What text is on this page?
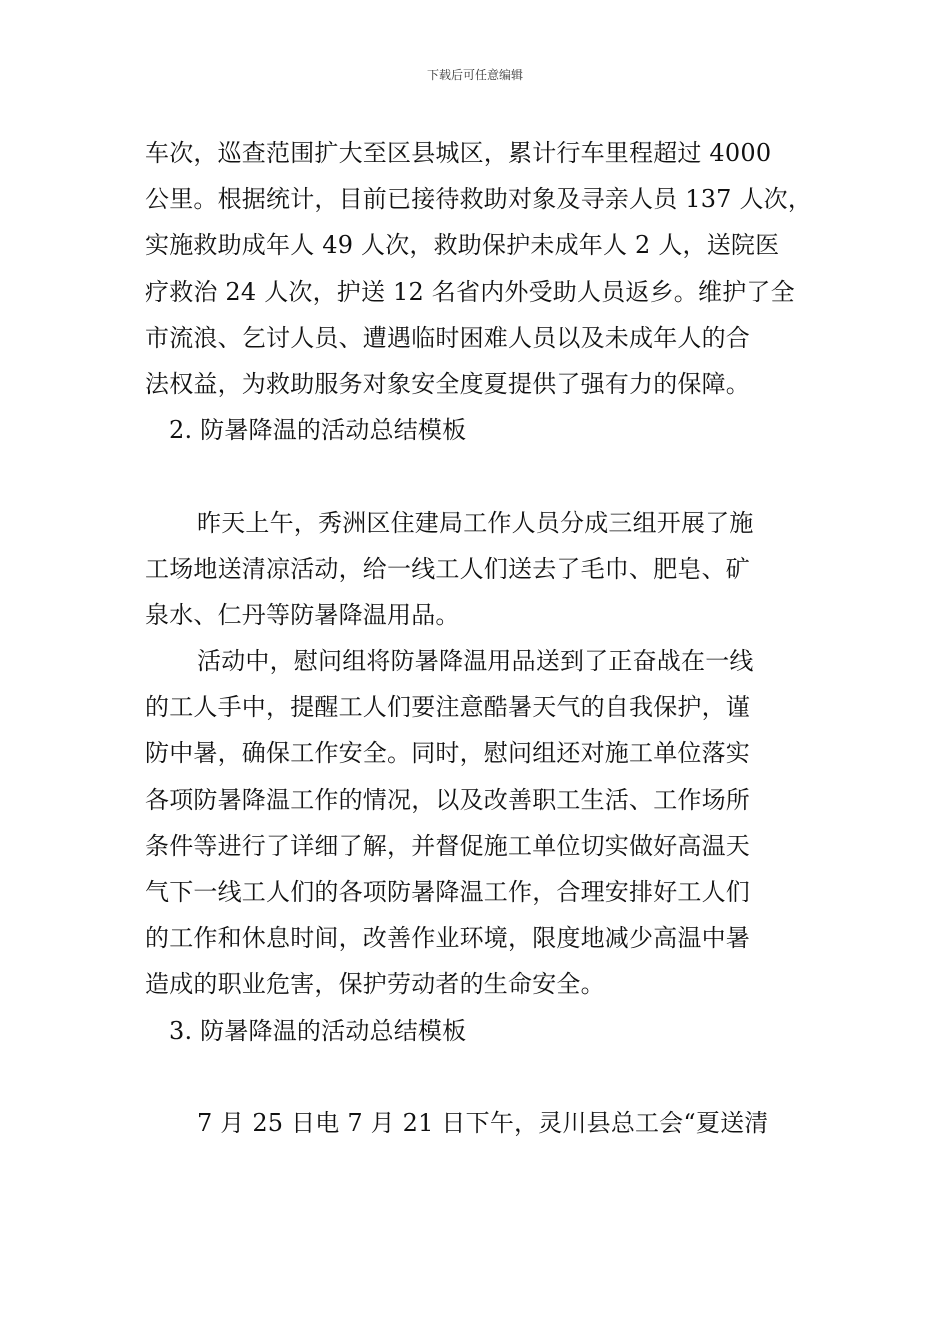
下载后可任意编辑
车次，巡查范围扩大至区县城区，累计行车里程超过 4000
公里。根据统计，目前已接待救助对象及寻亲人员 137 人次，
实施救助成年人 49 人次，救助保护未成年人 2 人，送院医
疗救治 24 人次，护送 12 名省内外受助人员返乡。维护了全
市流浪、乞讨人员、遭遇临时困难人员以及未成年人的合
法权益，为救助服务对象安全度夏提供了强有力的保障。
2. 防暑降温的活动总结模板
昨天上午，秀洲区住建局工作人员分成三组开展了施
工场地送清凉活动，给一线工人们送去了毛巾、肥皂、矿
泉水、仁丹等防暑降温用品。
活动中，慰问组将防暑降温用品送到了正奋战在一线
的工人手中，提醒工人们要注意酷暑天气的自我保护，谨
防中暑，确保工作安全。同时，慰问组还对施工单位落实
各项防暑降温工作的情况，以及改善职工生活、工作场所
条件等进行了详细了解，并督促施工单位切实做好高温天
气下一线工人们的各项防暑降温工作，合理安排好工人们
的工作和休息时间，改善作业环境，限度地减少高温中暑
造成的职业危害，保护劳动者的生命安全。
3. 防暑降温的活动总结模板
7 月 25 日电 7 月 21 日下午，灵川县总工会“夏送清
